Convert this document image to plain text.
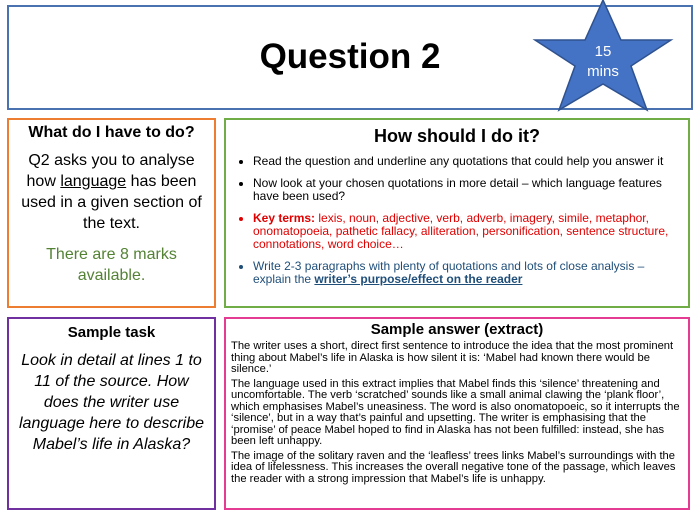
Question 2	15
mins
What do I have to do?
Q2 asks you to analyse how language has been used in a given section of the text.
There are 8 marks available.
How should I do it?
• Read the question and underline any quotations that could help you answer it
• Now look at your chosen quotations in more detail – which language features have been used?
• Key terms: lexis, noun, adjective, verb, adverb, imagery, simile, metaphor, onomatopoeia, pathetic fallacy, alliteration, personification, sentence structure, connotations, word choice…
• Write 2-3 paragraphs with plenty of quotations and lots of close analysis – explain the writer’s purpose/effect on the reader
Sample task
Look in detail at lines 1 to 11 of the source. How does the writer use language here to describe Mabel’s life in Alaska?
Sample answer (extract)

The writer uses a short, direct first sentence to introduce the idea that the most prominent thing about Mabel’s life in Alaska is how silent it is: ‘Mabel had known there would be silence.’

The language used in this extract implies that Mabel finds this ‘silence’ threatening and uncomfortable. The verb ‘scratched’ sounds like a small animal clawing the ‘plank floor’, which emphasises Mabel’s uneasiness. The word is also onomatopoeic, so it interrupts the ‘silence’, but in a way that’s painful and upsetting. The writer is emphasising that the ‘promise’ of peace Mabel hoped to find in Alaska has not been fulfilled: instead, she has been left unhappy.

The image of the solitary raven and the ‘leafless’ trees links Mabel’s surroundings with the idea of lifelessness. This increases the overall negative tone of the passage, which leaves the reader with a strong impression that Mabel’s life is unhappy.
